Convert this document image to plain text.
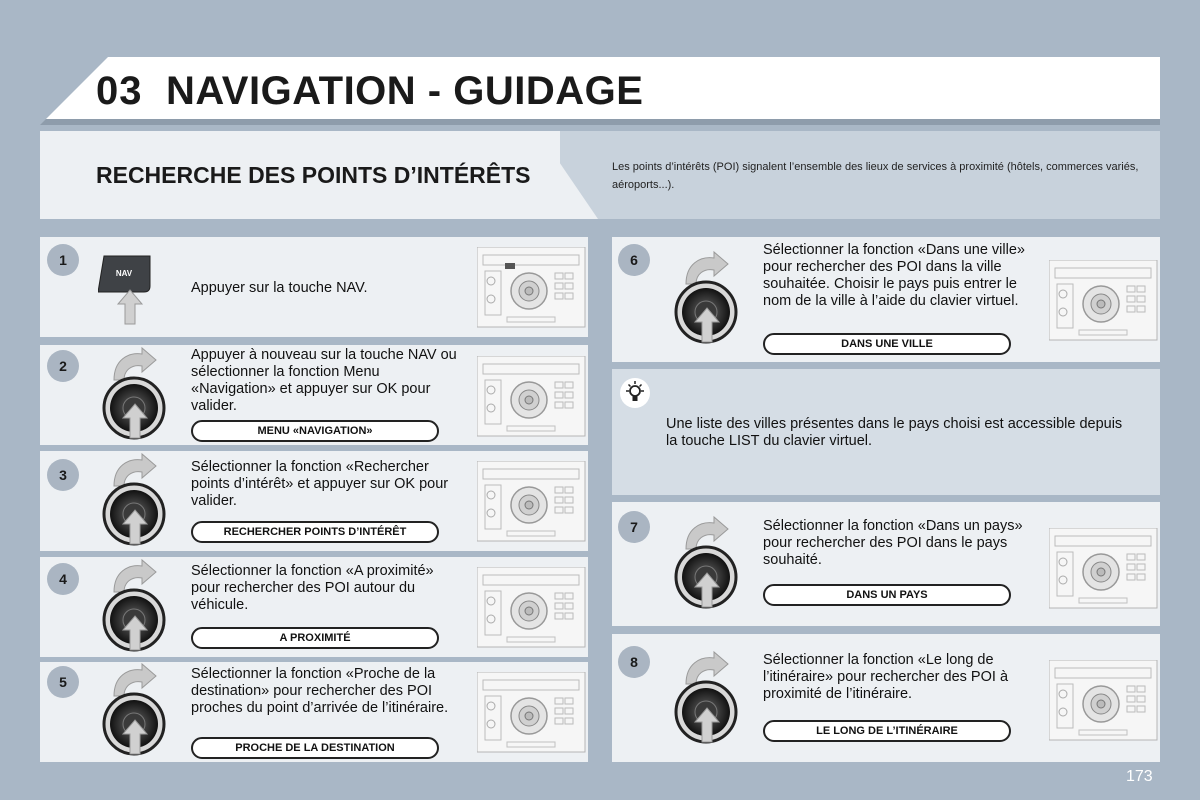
03 NAVIGATION - GUIDAGE
RECHERCHE DES POINTS D’INTÉRÊTS	Les points d’intérêts (POI) signalent l’ensemble des lieux de services à proximité (hôtels, commerces variés, aéroports...).
1
NAV
Appuyer sur la touche NAV.
2
Appuyer à nouveau sur la touche NAV ou sélectionner la fonction Menu «Navigation» et appuyer sur OK pour valider.
MENU «NAVIGATION»
3	Sélectionner la fonction «Rechercher points d’intérêt» et appuyer sur OK pour valider.
RECHERCHER POINTS D’INTÉRÊT
4	Sélectionner la fonction «A proximité» pour rechercher des POI autour du véhicule.
A PROXIMITÉ
5	Sélectionner la fonction «Proche de la destination» pour rechercher des POI proches du point d’arrivée de l’itinéraire.
PROCHE DE LA DESTINATION
6
Sélectionner la fonction «Dans une ville» pour rechercher des POI dans la ville souhaitée. Choisir le pays puis entrer le nom de la ville à l’aide du clavier virtuel.
DANS UNE VILLE
Une liste des villes présentes dans le pays choisi est accessible depuis la touche LIST du clavier virtuel.
7	Sélectionner la fonction «Dans un pays» pour rechercher des POI dans le pays souhaité.
DANS UN PAYS
8	Sélectionner la fonction «Le long de l’itinéraire» pour rechercher des POI à proximité de l’itinéraire.
LE LONG DE L’ITINÉRAIRE
173
